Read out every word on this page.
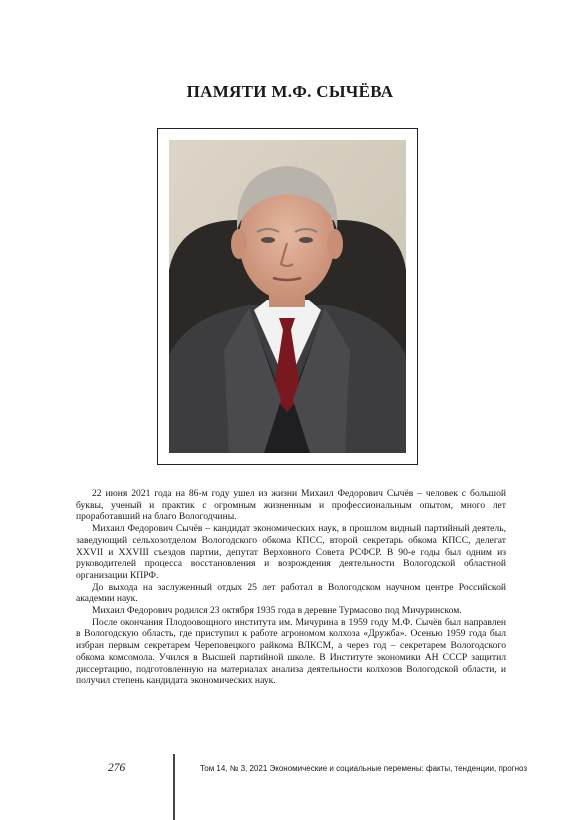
ПАМЯТИ М.Ф. СЫЧЁВА

22 июня 2021 года на 86-м году ушел из жизни Михаил Федорович Сычёв – человек с большой буквы, ученый и практик с огромным жизненным и профессиональным опытом, много лет проработавший на благо Вологодчины.

Михаил Федорович Сычёв – кандидат экономических наук, в прошлом видный партийный деятель, заведующий сельхозотделом Вологодского обкома КПСС, второй секретарь обкома КПСС, делегат XXVII и XXVIII съездов партии, депутат Верховного Совета РСФСР. В 90-е годы был одним из руководителей процесса восстановления и возрождения деятельности Вологодской областной организации КПРФ.

До выхода на заслуженный отдых 25 лет работал в Вологодском научном центре Российской академии наук.

Михаил Федорович родился 23 октября 1935 года в деревне Турмасово под Мичуринском.

После окончания Плодоовощного института им. Мичурина в 1959 году М.Ф. Сычёв был направлен в Вологодскую область, где приступил к работе агрономом колхоза «Дружба». Осенью 1959 года был избран первым секретарем Череповецкого райкома ВЛКСМ, а через год – секретарем Вологодского обкома комсомола. Учился в Высшей партийной школе. В Институте экономики АН СССР защитил диссертацию, подготовленную на материалах анализа деятельности колхозов Вологодской области, и получил степень кандидата экономических наук.

276	Том 14, № 3, 2021 Экономические и социальные перемены: факты, тенденции, прогноз
